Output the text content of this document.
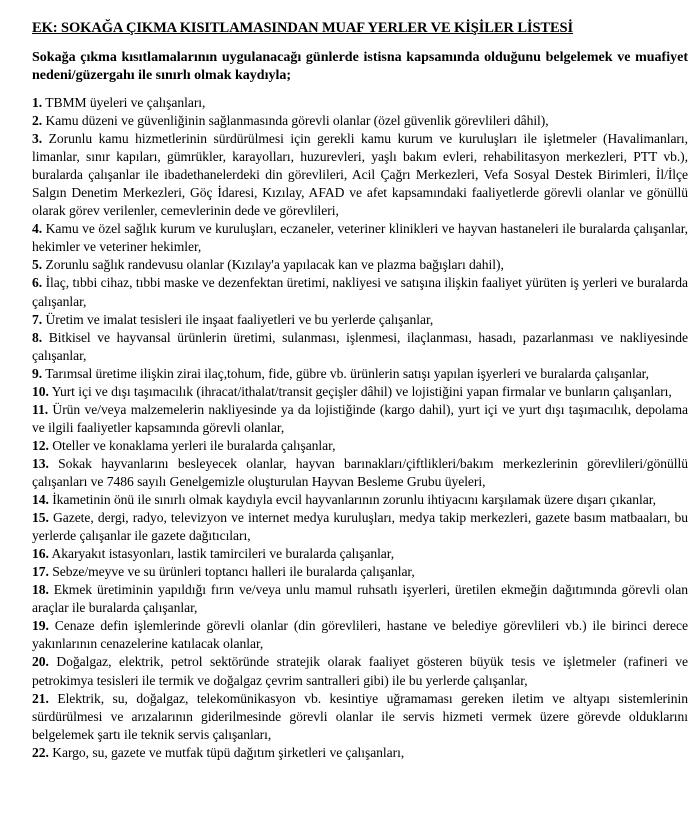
EK: SOKAĞA ÇIKMA KISITLAMASINDAN MUAF YERLER VE KİŞİLER LİSTESİ
Sokağa çıkma kısıtlamalarının uygulanacağı günlerde istisna kapsamında olduğunu belgelemek ve muafiyet nedeni/güzergahı ile sınırlı olmak kaydıyla;

1. TBMM üyeleri ve çalışanları,

2. Kamu düzeni ve güvenliğinin sağlanmasında görevli olanlar (özel güvenlik görevlileri dâhil),

3. Zorunlu kamu hizmetlerinin sürdürülmesi için gerekli kamu kurum ve kuruluşları ile işletmeler (Havalimanları, limanlar, sınır kapıları, gümrükler, karayolları, huzurevleri, yaşlı bakım evleri, rehabilitasyon merkezleri, PTT vb.), buralarda çalışanlar ile ibadethanelerdeki din görevlileri, Acil Çağrı Merkezleri, Vefa Sosyal Destek Birimleri, İl/İlçe Salgın Denetim Merkezleri, Göç İdaresi, Kızılay, AFAD ve afet kapsamındaki faaliyetlerde görevli olanlar ve gönüllü olarak görev verilenler, cemevlerinin dede ve görevlileri,

4. Kamu ve özel sağlık kurum ve kuruluşları, eczaneler, veteriner klinikleri ve hayvan hastaneleri ile buralarda çalışanlar, hekimler ve veteriner hekimler,

5. Zorunlu sağlık randevusu olanlar (Kızılay'a yapılacak kan ve plazma bağışları dahil),

6. İlaç, tıbbi cihaz, tıbbi maske ve dezenfektan üretimi, nakliyesi ve satışına ilişkin faaliyet yürüten iş yerleri ve buralarda çalışanlar,

7. Üretim ve imalat tesisleri ile inşaat faaliyetleri ve bu yerlerde çalışanlar,

8. Bitkisel ve hayvansal ürünlerin üretimi, sulanması, işlenmesi, ilaçlanması, hasadı, pazarlanması ve nakliyesinde çalışanlar,

9. Tarımsal üretime ilişkin zirai ilaç,tohum, fide, gübre vb. ürünlerin satışı yapılan işyerleri ve buralarda çalışanlar,

10. Yurt içi ve dışı taşımacılık (ihracat/ithalat/transit geçişler dâhil) ve lojistiğini yapan firmalar ve bunların çalışanları,

11. Ürün ve/veya malzemelerin nakliyesinde ya da lojistiğinde (kargo dahil), yurt içi ve yurt dışı taşımacılık, depolama ve ilgili faaliyetler kapsamında görevli olanlar,

12. Oteller ve konaklama yerleri ile buralarda çalışanlar,

13. Sokak hayvanlarını besleyecek olanlar, hayvan barınakları/çiftlikleri/bakım merkezlerinin görevlileri/gönüllü çalışanları ve 7486 sayılı Genelgemizle oluşturulan Hayvan Besleme Grubu üyeleri,

14. İkametinin önü ile sınırlı olmak kaydıyla evcil hayvanlarının zorunlu ihtiyacını karşılamak üzere dışarı çıkanlar,

15. Gazete, dergi, radyo, televizyon ve internet medya kuruluşları, medya takip merkezleri, gazete basım matbaaları, bu yerlerde çalışanlar ile gazete dağıtıcıları,

16. Akaryakıt istasyonları, lastik tamircileri ve buralarda çalışanlar,

17. Sebze/meyve ve su ürünleri toptancı halleri ile buralarda çalışanlar,

18. Ekmek üretiminin yapıldığı fırın ve/veya unlu mamul ruhsatlı işyerleri, üretilen ekmeğin dağıtımında görevli olan araçlar ile buralarda çalışanlar,

19. Cenaze defin işlemlerinde görevli olanlar (din görevlileri, hastane ve belediye görevlileri vb.) ile birinci derece yakınlarının cenazelerine katılacak olanlar,

20. Doğalgaz, elektrik, petrol sektöründe stratejik olarak faaliyet gösteren büyük tesis ve işletmeler (rafineri ve petrokimya tesisleri ile termik ve doğalgaz çevrim santralleri gibi) ile bu yerlerde çalışanlar,

21. Elektrik, su, doğalgaz, telekomünikasyon vb. kesintiye uğramaması gereken iletim ve altyapı sistemlerinin sürdürülmesi ve arızalarının giderilmesinde görevli olanlar ile servis hizmeti vermek üzere görevde olduklarını belgelemek şartı ile teknik servis çalışanları,

22. Kargo, su, gazete ve mutfak tüpü dağıtım şirketleri ve çalışanları,
